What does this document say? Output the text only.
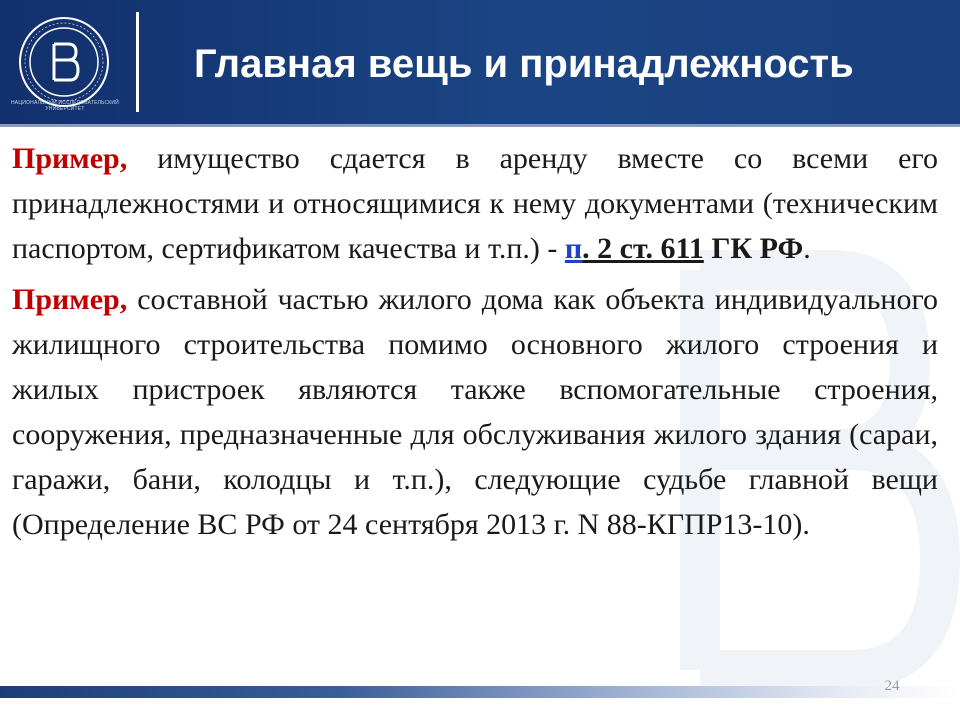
НАЦИОНАЛЬНЫЙ ИССЛЕДОВАТЕЛЬСКИЙ УНИВЕРСИТЕТ
Главная вещь и принадлежность

Пример, имущество сдается в аренду вместе со всеми его принадлежностями и относящимися к нему документами (техническим паспортом, сертификатом качества и т.п.) - п. 2 ст. 611 ГК РФ.

Пример, составной частью жилого дома как объекта индивидуального жилищного строительства помимо основного жилого строения и жилых пристроек являются также вспомогательные строения, сооружения, предназначенные для обслуживания жилого здания (сараи, гаражи, бани, колодцы и т.п.), следующие судьбе главной вещи (Определение ВС РФ от 24 сентября 2013 г. N 88-КГПР13-10).

24
